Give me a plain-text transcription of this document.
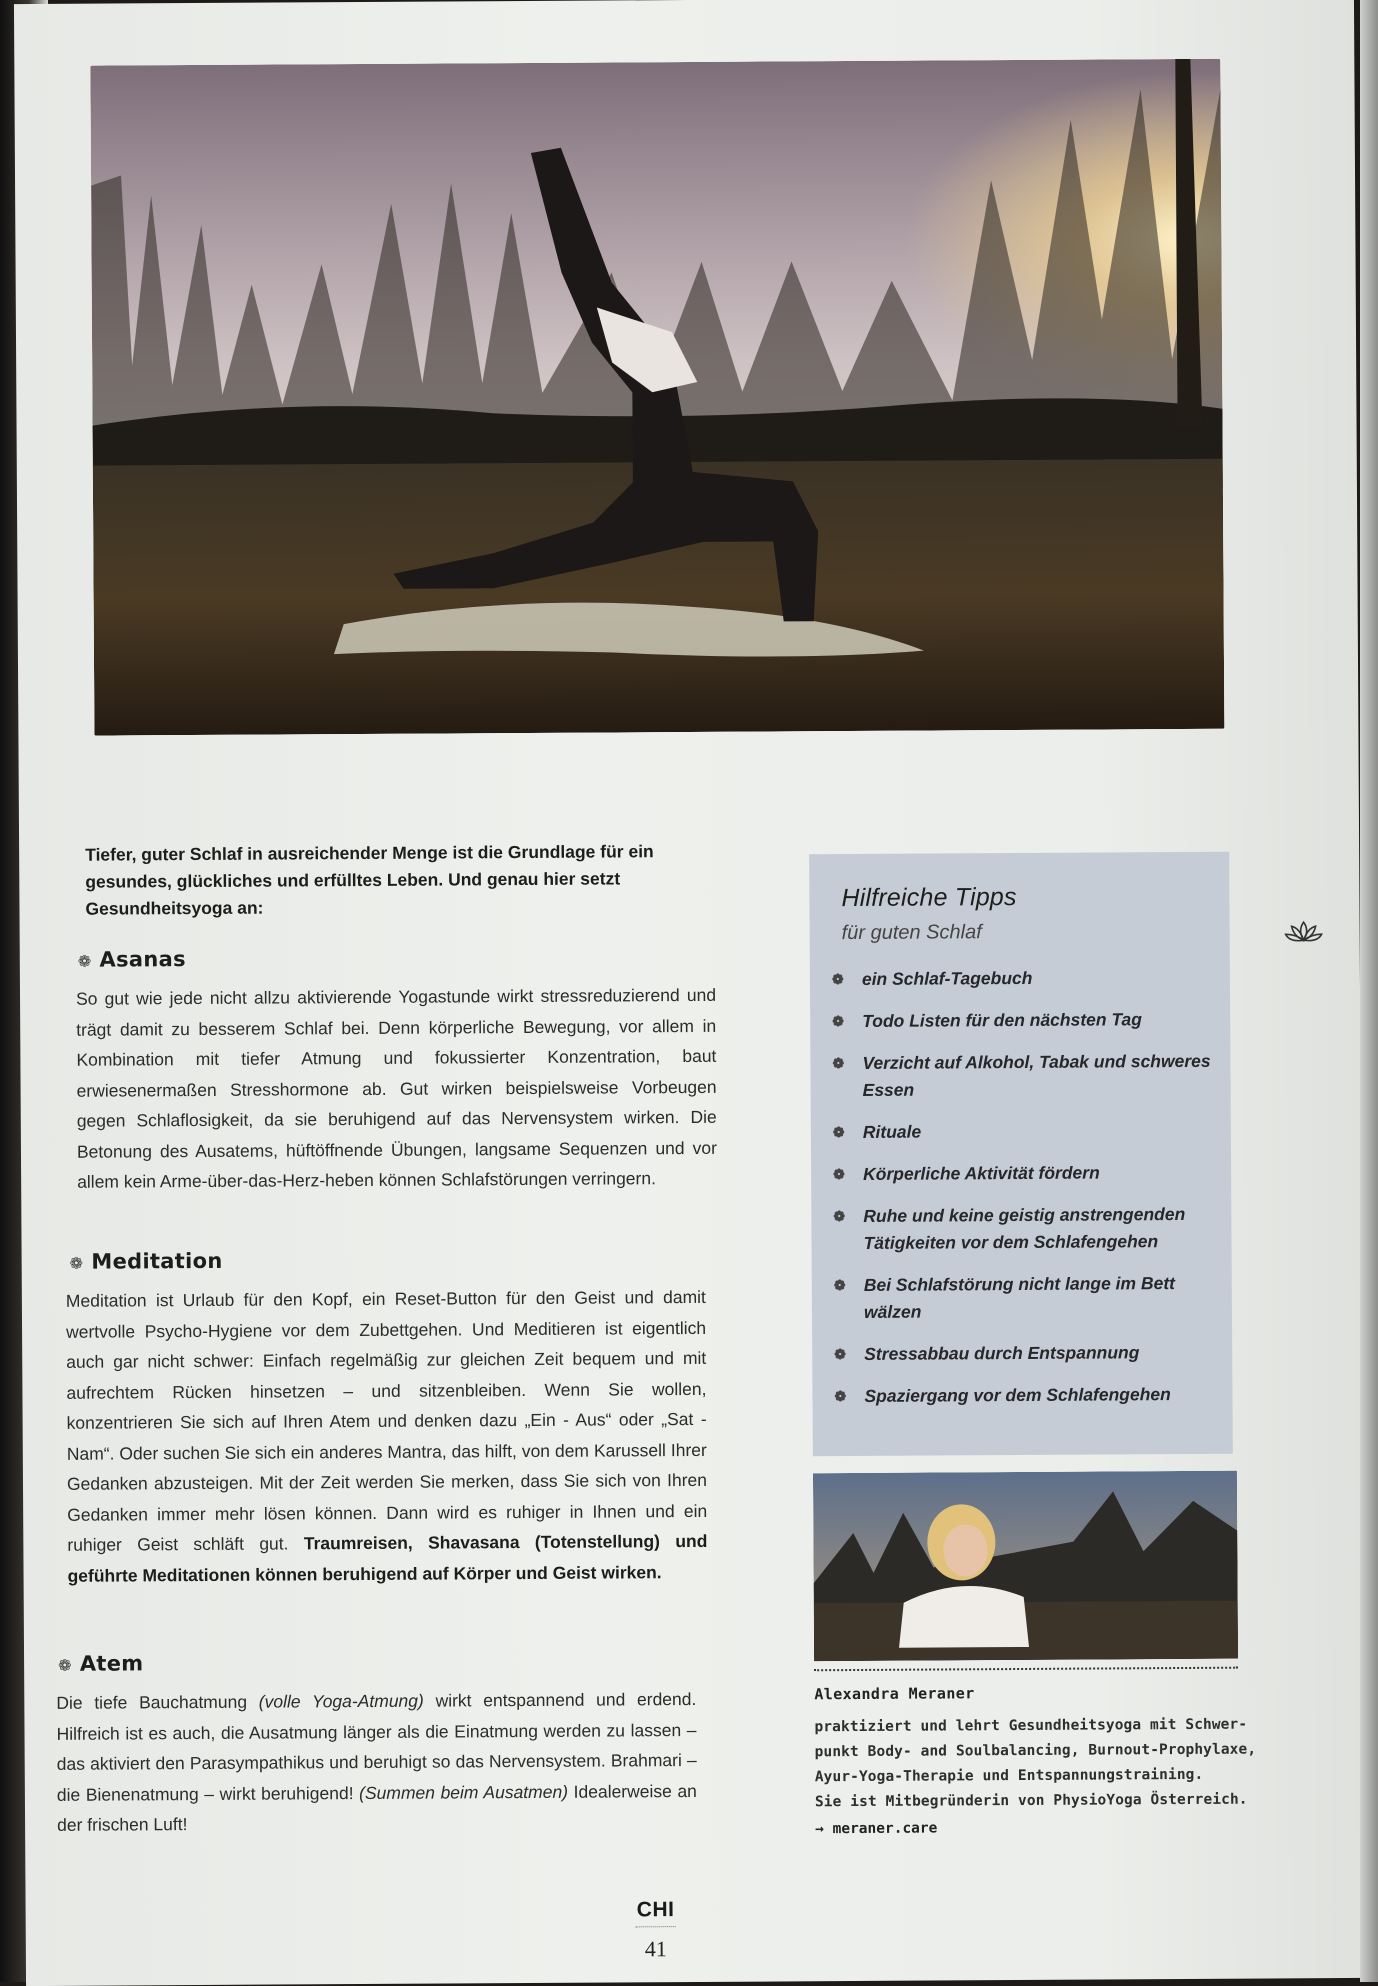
Tiefer, guter Schlaf in ausreichender Menge ist die Grundlage für ein gesundes, glückliches und erfülltes Leben. Und genau hier setzt Gesundheitsyoga an:
❁ Asanas
So gut wie jede nicht allzu aktivierende Yogastunde wirkt stressreduzierend und trägt damit zu besserem Schlaf bei. Denn körperliche Bewegung, vor allem in Kombination mit tiefer Atmung und fokussierter Konzentration, baut erwiesenermaßen Stresshormone ab. Gut wirken beispielsweise Vorbeugen gegen Schlaflosigkeit, da sie beruhigend auf das Nervensystem wirken. Die Betonung des Ausatems, hüftöffnende Übungen, langsame Sequenzen und vor allem kein Arme-über-das-Herz-heben können Schlafstörungen verringern.
❁ Meditation
Meditation ist Urlaub für den Kopf, ein Reset-Button für den Geist und damit wertvolle Psycho-Hygiene vor dem Zubettgehen. Und Meditieren ist eigentlich auch gar nicht schwer: Einfach regelmäßig zur gleichen Zeit bequem und mit aufrechtem Rücken hinsetzen – und sitzenbleiben. Wenn Sie wollen, konzentrieren Sie sich auf Ihren Atem und denken dazu „Ein - Aus“ oder „Sat - Nam“. Oder suchen Sie sich ein anderes Mantra, das hilft, von dem Karussell Ihrer Gedanken abzusteigen. Mit der Zeit werden Sie merken, dass Sie sich von Ihren Gedanken immer mehr lösen können. Dann wird es ruhiger in Ihnen und ein ruhiger Geist schläft gut. Traumreisen, Shavasana (Totenstellung) und geführte Meditationen können beruhigend auf Körper und Geist wirken.
❁ Atem
Die tiefe Bauchatmung (volle Yoga-Atmung) wirkt entspannend und erdend. Hilfreich ist es auch, die Ausatmung länger als die Einatmung werden zu lassen – das aktiviert den Parasympathikus und beruhigt so das Nervensystem. Brahmari – die Bienenatmung – wirkt beruhigend! (Summen beim Ausatmen) Idealerweise an der frischen Luft!
Hilfreiche Tipps
für guten Schlaf
❁ ein Schlaf-Tagebuch
❁ Todo Listen für den nächsten Tag
❁ Verzicht auf Alkohol, Tabak und schweres Essen
❁ Rituale
❁ Körperliche Aktivität fördern
❁ Ruhe und keine geistig anstrengenden Tätigkeiten vor dem Schlafengehen
❁ Bei Schlafstörung nicht lange im Bett wälzen
❁ Stressabbau durch Entspannung
❁ Spaziergang vor dem Schlafengehen
Alexandra Meraner
praktiziert und lehrt Gesundheitsyoga mit Schwer-
punkt Body- and Soulbalancing, Burnout-Prophylaxe,
Ayur-Yoga-Therapie und Entspannungstraining.
Sie ist Mitbegründerin von PhysioYoga Österreich.
→ meraner.care
CHI
41
